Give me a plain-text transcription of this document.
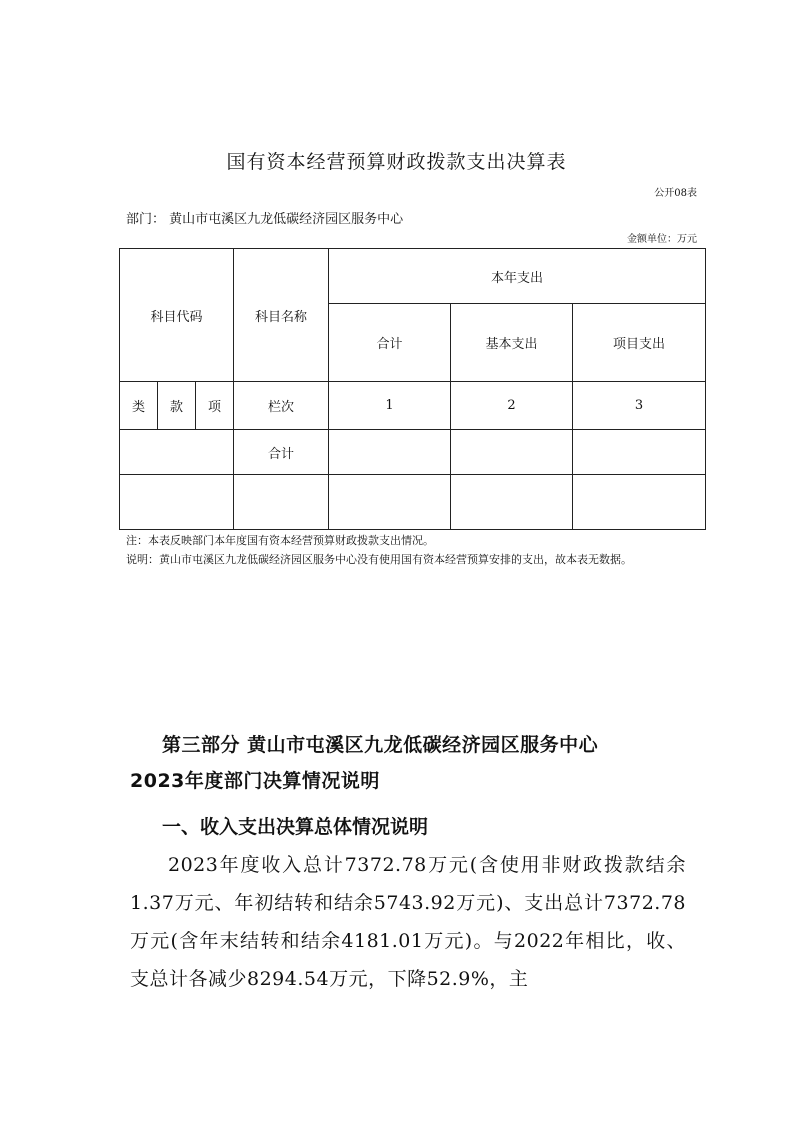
国有资本经营预算财政拨款支出决算表
公开08表
部门： 黄山市屯溪区九龙低碳经济园区服务中心
金额单位：万元
科目代码			科目名称	本年支出		
				合计	基本支出	项目支出
类	款	项	栏次	1	2	3
			合计			

注：本表反映部门本年度国有资本经营预算财政拨款支出情况。
说明：黄山市屯溪区九龙低碳经济园区服务中心没有使用国有资本经营预算安排的支出，故本表无数据。
第三部分 黄山市屯溪区九龙低碳经济园区服务中心
2023年度部门决算情况说明
一、收入支出决算总体情况说明
2023年度收入总计7372.78万元(含使用非财政拨款结余1.37万元、年初结转和结余5743.92万元)、支出总计7372.78万元(含年末结转和结余4181.01万元)。与2022年相比，收、支总计各减少8294.54万元，下降52.9%，主
